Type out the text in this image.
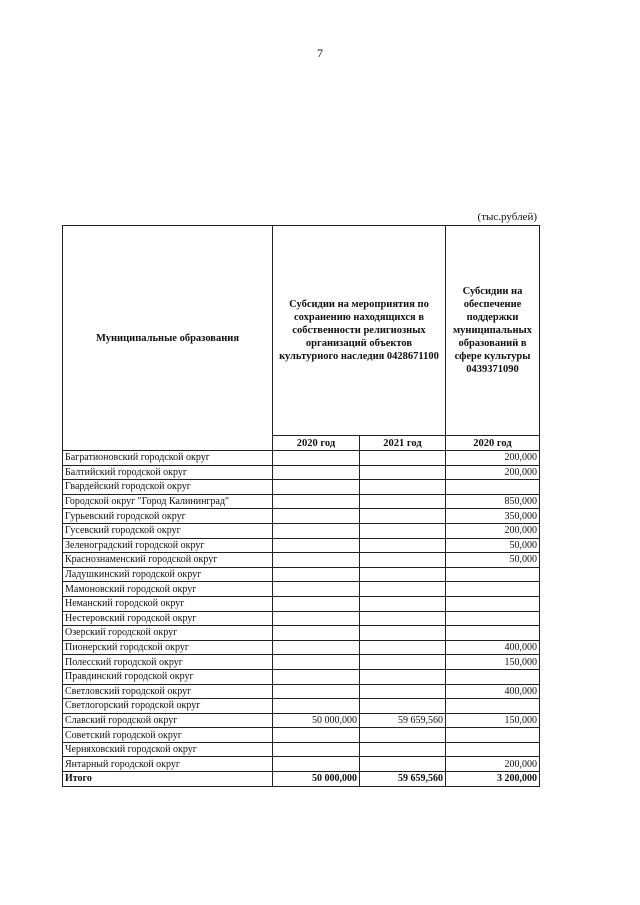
7
(тыс.рублей)
Муниципальные образования	Субсидии на мероприятия по сохранению находящихся в собственности религиозных организаций объектов культурного наследия 0428671100		Субсидии на обеспечение поддержки муниципальных образований в сфере культуры 0439371090
	2020 год	2021 год	2020 год
Багратионовский городской округ			200,000
Балтийский городской округ			200,000
Гвардейский городской округ			
Городской округ "Город Калининград"			850,000
Гурьевский городской округ			350,000
Гусевский городской округ			200,000
Зеленоградский городской округ			50,000
Краснознаменский городской округ			50,000
Ладушкинский городской округ			
Мамоновский городской округ			
Неманский городской округ			
Нестеровский городской округ			
Озерский городской округ			
Пионерский городской округ			400,000
Полесский городской округ			150,000
Правдинский городской округ			
Светловский городской округ			400,000
Светлогорский городской округ			
Славский городской округ	50 000,000	59 659,560	150,000
Советский городской округ			
Черняховский городской округ			
Янтарный городской округ			200,000
Итого	50 000,000	59 659,560	3 200,000
